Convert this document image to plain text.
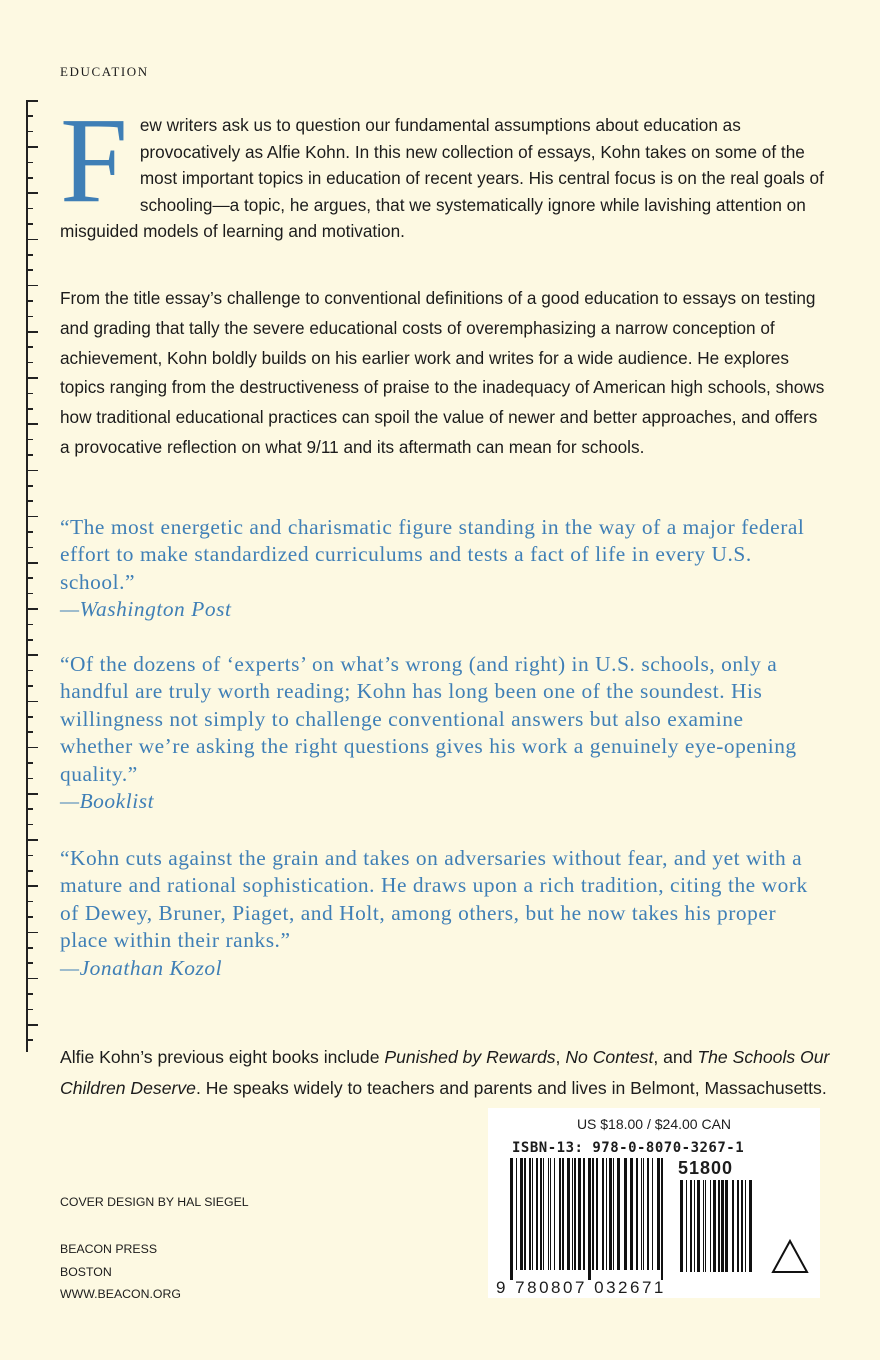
EDUCATION
F ew writers ask us to question our fundamental assumptions about education as provocatively as Alfie Kohn. In this new collection of essays, Kohn takes on some of the most important topics in education of recent years. His central focus is on the real goals of schooling—a topic, he argues, that we systematically ignore while lavishing attention on misguided models of learning and motivation.
From the title essay’s challenge to conventional definitions of a good education to essays on testing and grading that tally the severe educational costs of overemphasizing a narrow conception of achievement, Kohn boldly builds on his earlier work and writes for a wide audience. He explores topics ranging from the destructiveness of praise to the inadequacy of American high schools, shows how traditional educational practices can spoil the value of newer and better approaches, and offers a provocative reflection on what 9/11 and its aftermath can mean for schools.
“The most energetic and charismatic figure standing in the way of a major federal effort to make standardized curriculums and tests a fact of life in every U.S. school.”
—Washington Post
“Of the dozens of ‘experts’ on what’s wrong (and right) in U.S. schools, only a handful are truly worth reading; Kohn has long been one of the soundest. His willingness not simply to challenge conventional answers but also examine whether we’re asking the right questions gives his work a genuinely eye-opening quality.”
—Booklist
“Kohn cuts against the grain and takes on adversaries without fear, and yet with a mature and rational sophistication. He draws upon a rich tradition, citing the work of Dewey, Bruner, Piaget, and Holt, among others, but he now takes his proper place within their ranks.”
—Jonathan Kozol
Alfie Kohn’s previous eight books include Punished by Rewards, No Contest, and The Schools Our Children Deserve. He speaks widely to teachers and parents and lives in Belmont, Massachusetts.
COVER DESIGN BY HAL SIEGEL
BEACON PRESS
BOSTON
WWW.BEACON.ORG
US $18.00 / $24.00 CAN
ISBN-13: 978-0-8070-3267-1
51800
9 780807 032671
